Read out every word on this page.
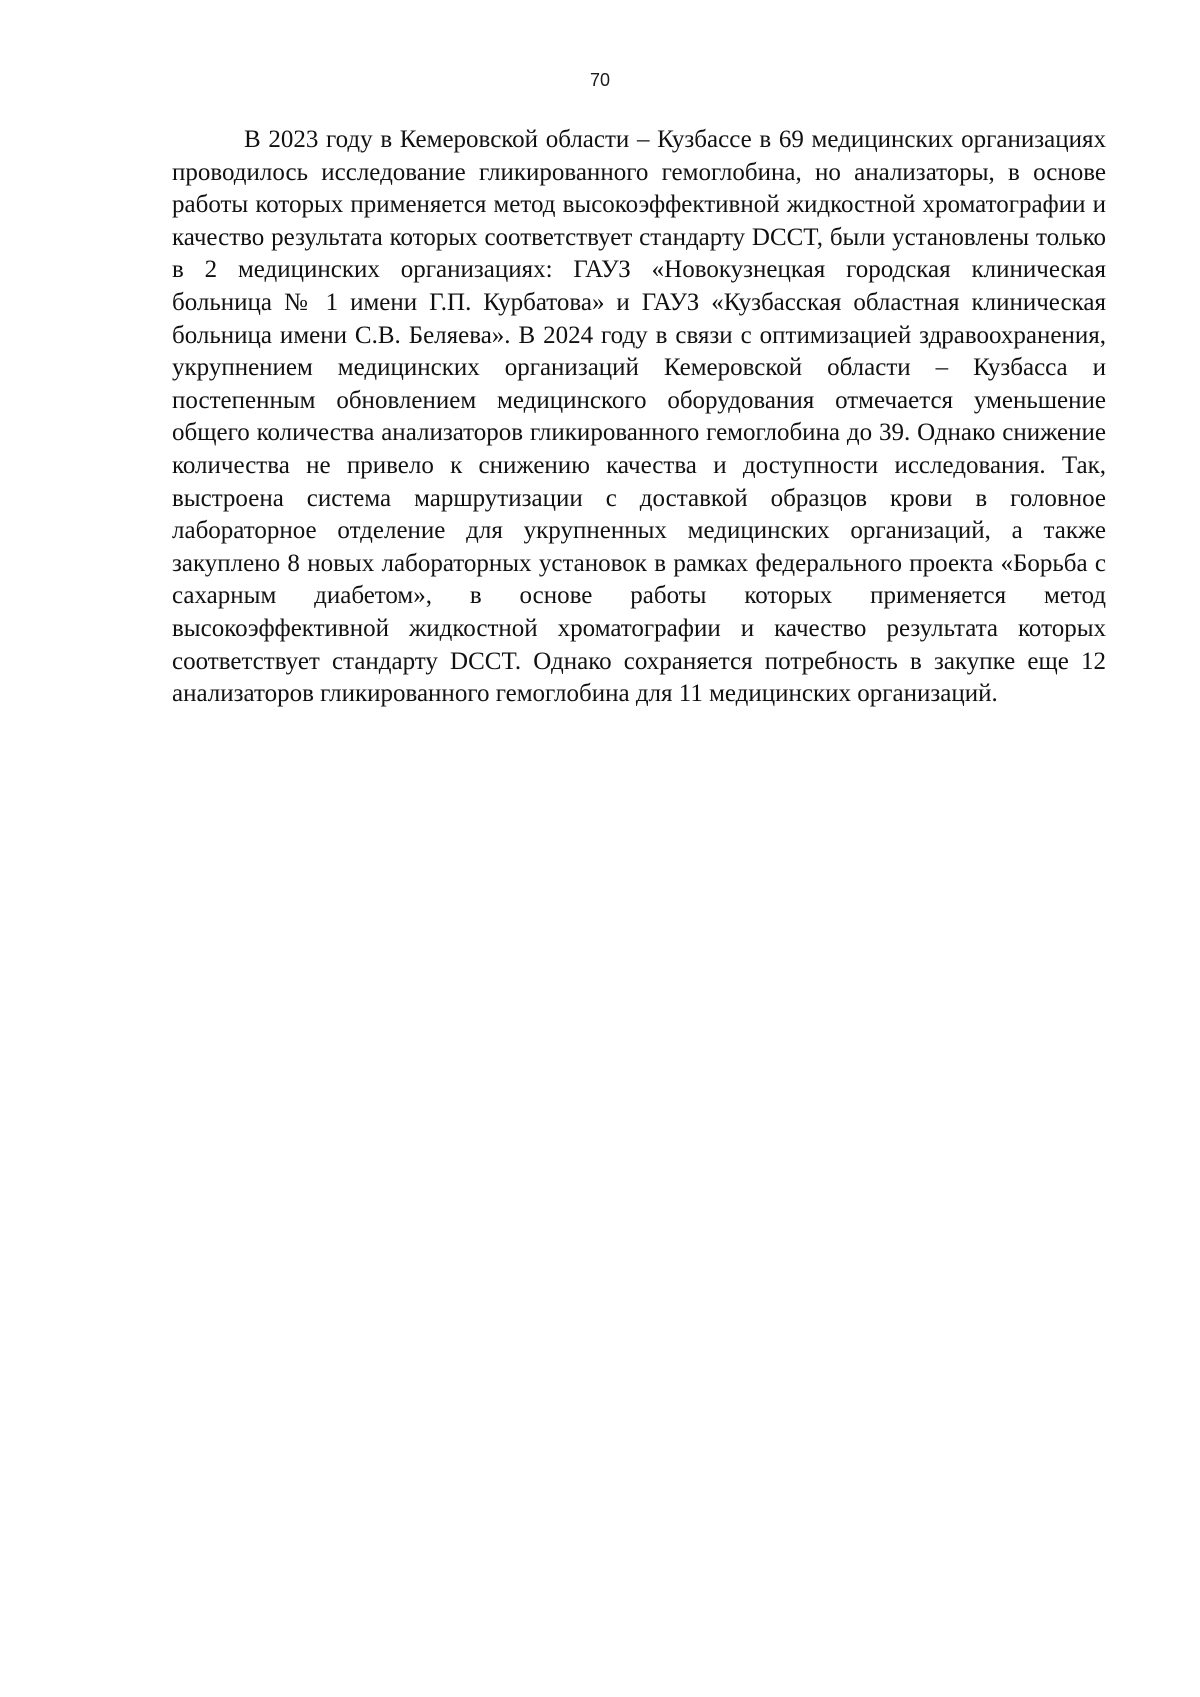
70

В 2023 году в Кемеровской области – Кузбассе в 69 медицинских организациях проводилось исследование гликированного гемоглобина, но анализаторы, в основе работы которых применяется метод высокоэффективной жидкостной хроматографии и качество результата которых соответствует стандарту DCCT, были установлены только в 2 медицинских организациях: ГАУЗ «Новокузнецкая городская клиническая больница № 1 имени Г.П. Курбатова» и ГАУЗ «Кузбасская областная клиническая больница имени С.В. Беляева». В 2024 году в связи с оптимизацией здравоохранения, укрупнением медицинских организаций Кемеровской области – Кузбасса и постепенным обновлением медицинского оборудования отмечается уменьшение общего количества анализаторов гликированного гемоглобина до 39. Однако снижение количества не привело к снижению качества и доступности исследования. Так, выстроена система маршрутизации с доставкой образцов крови в головное лабораторное отделение для укрупненных медицинских организаций, а также закуплено 8 новых лабораторных установок в рамках федерального проекта «Борьба с сахарным диабетом», в основе работы которых применяется метод высокоэффективной жидкостной хроматографии и качество результата которых соответствует стандарту DCCT. Однако сохраняется потребность в закупке еще 12 анализаторов гликированного гемоглобина для 11 медицинских организаций.
